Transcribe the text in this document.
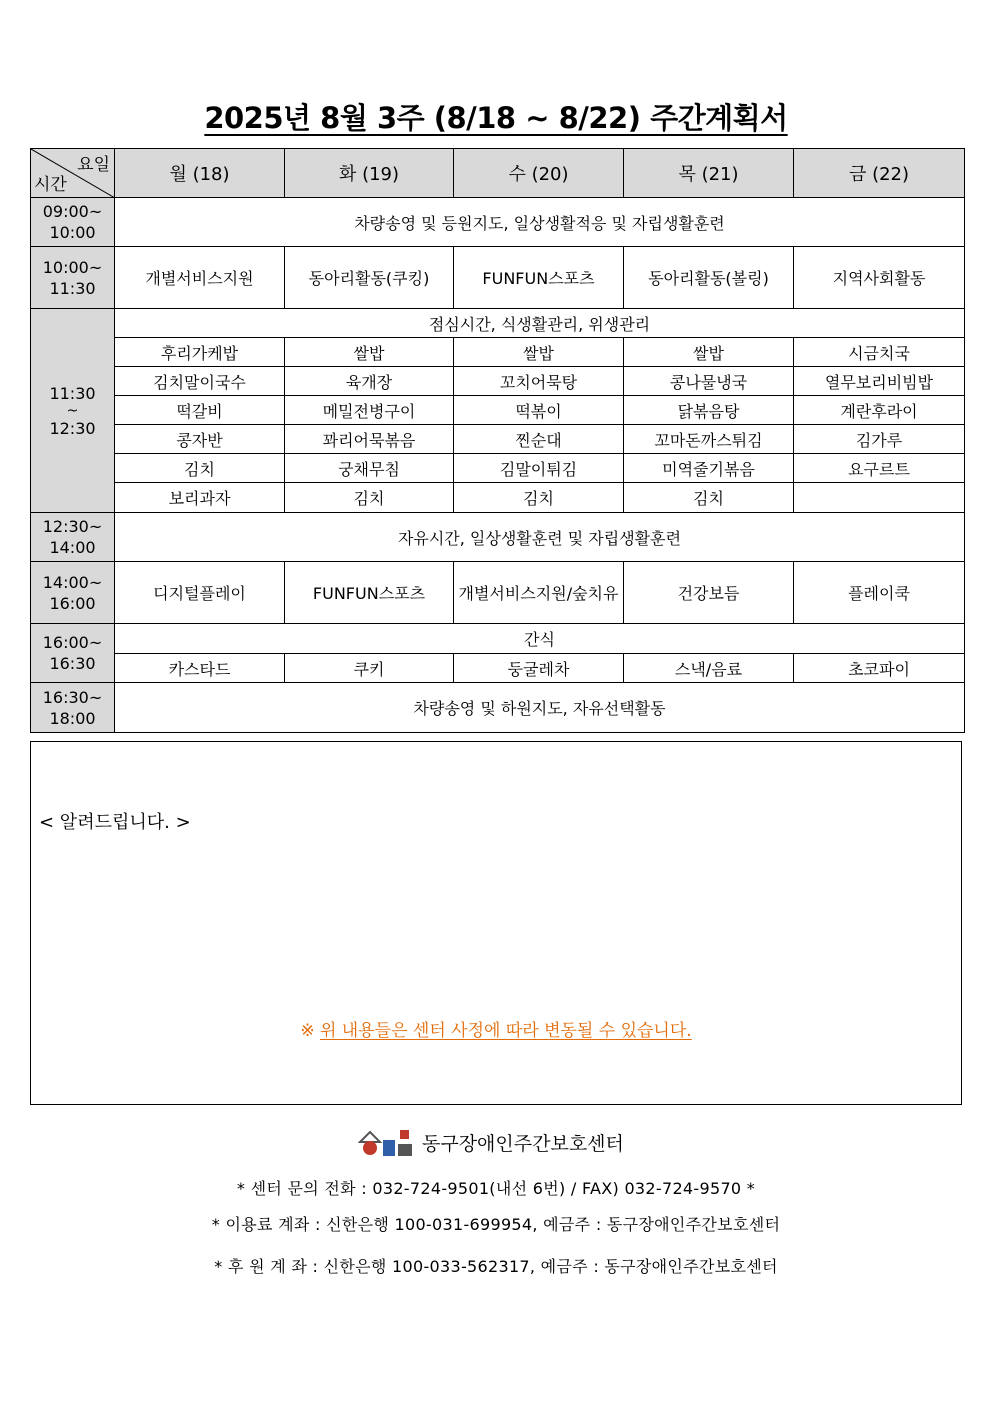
2025년 8월 3주 (8/18 ~ 8/22) 주간계획서
요일
시간	월 (18)	화 (19)	수 (20)	목 (21)	금 (22)

09:00~
10:00	차량송영 및 등원지도, 일상생활적응 및 자립생활훈련				

10:00~
11:30	개별서비스지원	동아리활동(쿠킹)	FUNFUN스포츠	동아리활동(볼링)	지역사회활동

11:30
~
12:30	점심시간, 식생활관리, 위생관리				
	후리가케밥	쌀밥	쌀밥	쌀밥	시금치국
	김치말이국수	육개장	꼬치어묵탕	콩나물냉국	열무보리비빔밥
	떡갈비	메밀전병구이	떡볶이	닭볶음탕	계란후라이
	콩자반	꽈리어묵볶음	찐순대	꼬마돈까스튀김	김가루
	김치	궁채무침	김말이튀김	미역줄기볶음	요구르트
	보리과자	김치	김치	김치	

12:30~
14:00	자유시간, 일상생활훈련 및 자립생활훈련				

14:00~
16:00	디지털플레이	FUNFUN스포츠	개별서비스지원/숲치유	건강보듬	플레이쿡

16:00~
16:30	간식				
	카스타드	쿠키	둥굴레차	스낵/음료	초코파이

16:30~
18:00	차량송영 및 하원지도, 자유선택활동				
< 알려드립니다. >
※ 위 내용들은 센터 사정에 따라 변동될 수 있습니다.
동구장애인주간보호센터
* 센터 문의 전화 : 032-724-9501(내선 6번) / FAX) 032-724-9570 *
* 이용료 계좌 : 신한은행 100-031-699954, 예금주 : 동구장애인주간보호센터
* 후 원 계 좌 : 신한은행 100-033-562317, 예금주 : 동구장애인주간보호센터
